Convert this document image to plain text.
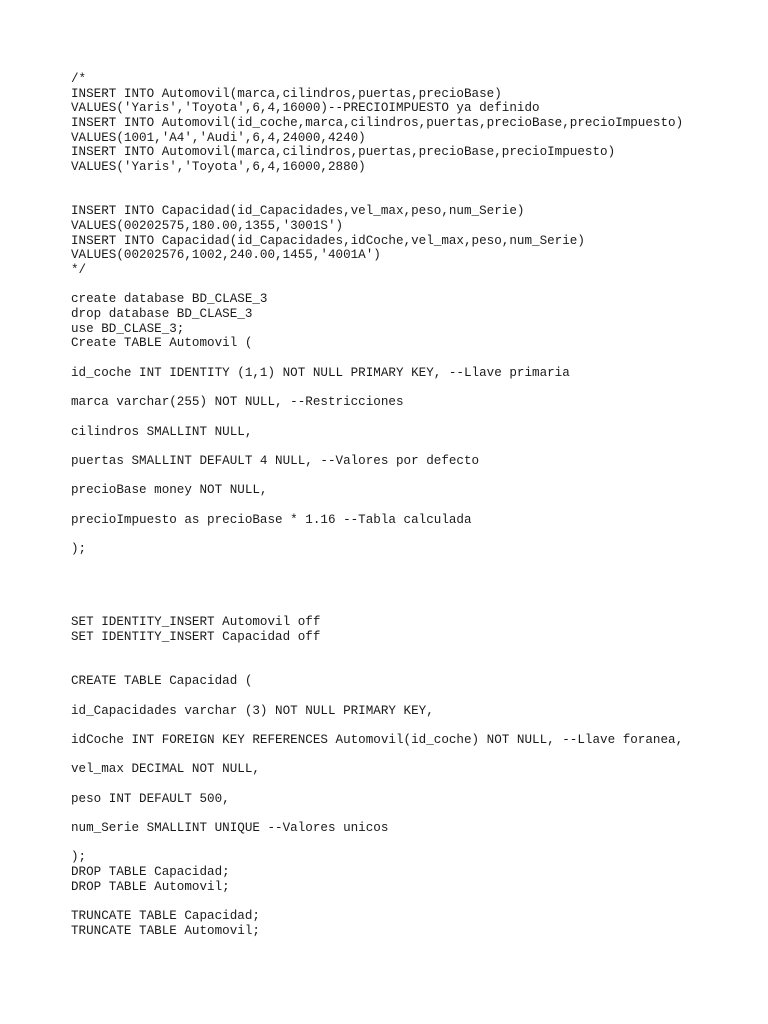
/*
INSERT INTO Automovil(marca,cilindros,puertas,precioBase)
VALUES('Yaris','Toyota',6,4,16000)--PRECIOIMPUESTO ya definido
INSERT INTO Automovil(id_coche,marca,cilindros,puertas,precioBase,precioImpuesto)
VALUES(1001,'A4','Audi',6,4,24000,4240)
INSERT INTO Automovil(marca,cilindros,puertas,precioBase,precioImpuesto)
VALUES('Yaris','Toyota',6,4,16000,2880)
INSERT INTO Capacidad(id_Capacidades,vel_max,peso,num_Serie)
VALUES(00202575,180.00,1355,'3001S')
INSERT INTO Capacidad(id_Capacidades,idCoche,vel_max,peso,num_Serie)
VALUES(00202576,1002,240.00,1455,'4001A')
*/
create database BD_CLASE_3
drop database BD_CLASE_3
use BD_CLASE_3;
Create TABLE Automovil (
id_coche INT IDENTITY (1,1) NOT NULL PRIMARY KEY, --Llave primaria
marca varchar(255) NOT NULL, --Restricciones
cilindros SMALLINT NULL,
puertas SMALLINT DEFAULT 4 NULL, --Valores por defecto
precioBase money NOT NULL,
precioImpuesto as precioBase * 1.16 --Tabla calculada
);
SET IDENTITY_INSERT Automovil off
SET IDENTITY_INSERT Capacidad off
CREATE TABLE Capacidad (
id_Capacidades varchar (3) NOT NULL PRIMARY KEY,
idCoche INT FOREIGN KEY REFERENCES Automovil(id_coche) NOT NULL, --Llave foranea,
vel_max DECIMAL NOT NULL,
peso INT DEFAULT 500,
num_Serie SMALLINT UNIQUE --Valores unicos
);
DROP TABLE Capacidad;
DROP TABLE Automovil;
TRUNCATE TABLE Capacidad;
TRUNCATE TABLE Automovil;
